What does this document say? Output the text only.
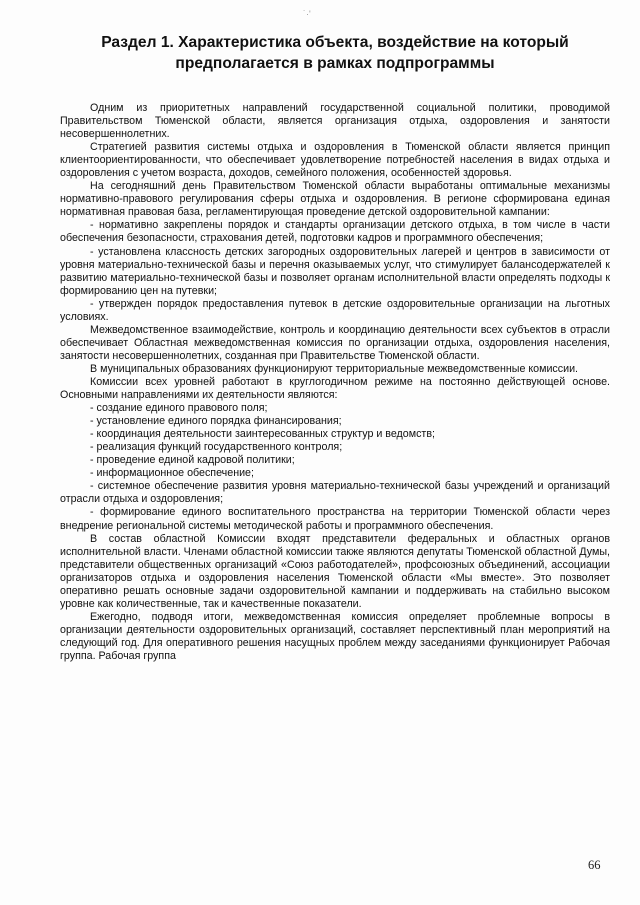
˙·'
Раздел 1. Характеристика объекта, воздействие на который предполагается в рамках подпрограммы

Одним из приоритетных направлений государственной социальной политики, проводимой Правительством Тюменской области, является организация отдыха, оздоровления и занятости несовершеннолетних.

Стратегией развития системы отдыха и оздоровления в Тюменской области является принцип клиентоориентированности, что обеспечивает удовлетворение потребностей населения в видах отдыха и оздоровления с учетом возраста, доходов, семейного положения, особенностей здоровья.

На сегодняшний день Правительством Тюменской области выработаны оптимальные механизмы нормативно-правового регулирования сферы отдыха и оздоровления. В регионе сформирована единая нормативная правовая база, регламентирующая проведение детской оздоровительной кампании:

- нормативно закреплены порядок и стандарты организации детского отдыха, в том числе в части обеспечения безопасности, страхования детей, подготовки кадров и программного обеспечения;

- установлена классность детских загородных оздоровительных лагерей и центров в зависимости от уровня материально-технической базы и перечня оказываемых услуг, что стимулирует балансодержателей к развитию материально-технической базы и позволяет органам исполнительной власти определять подходы к формированию цен на путевки;

- утвержден порядок предоставления путевок в детские оздоровительные организации на льготных условиях.

Межведомственное взаимодействие, контроль и координацию деятельности всех субъектов в отрасли обеспечивает Областная межведомственная комиссия по организации отдыха, оздоровления населения, занятости несовершеннолетних, созданная при Правительстве Тюменской области.

В муниципальных образованиях функционируют территориальные межведомственные комиссии.

Комиссии всех уровней работают в круглогодичном режиме на постоянно действующей основе. Основными направлениями их деятельности являются:

- создание единого правового поля;

- установление единого порядка финансирования;

- координация деятельности заинтересованных структур и ведомств;

- реализация функций государственного контроля;

- проведение единой кадровой политики;

- информационное обеспечение;

- системное обеспечение развития уровня материально-технической базы учреждений и организаций отрасли отдыха и оздоровления;

- формирование единого воспитательного пространства на территории Тюменской области через внедрение региональной системы методической работы и программного обеспечения.

В состав областной Комиссии входят представители федеральных и областных органов исполнительной власти. Членами областной комиссии также являются депутаты Тюменской областной Думы, представители общественных организаций «Союз работодателей», профсоюзных объединений, ассоциации организаторов отдыха и оздоровления населения Тюменской области «Мы вместе». Это позволяет оперативно решать основные задачи оздоровительной кампании и поддерживать на стабильно высоком уровне как количественные, так и качественные показатели.

Ежегодно, подводя итоги, межведомственная комиссия определяет проблемные вопросы в организации деятельности оздоровительных организаций, составляет перспективный план мероприятий на следующий год. Для оперативного решения насущных проблем между заседаниями функционирует Рабочая группа. Рабочая группа

66
